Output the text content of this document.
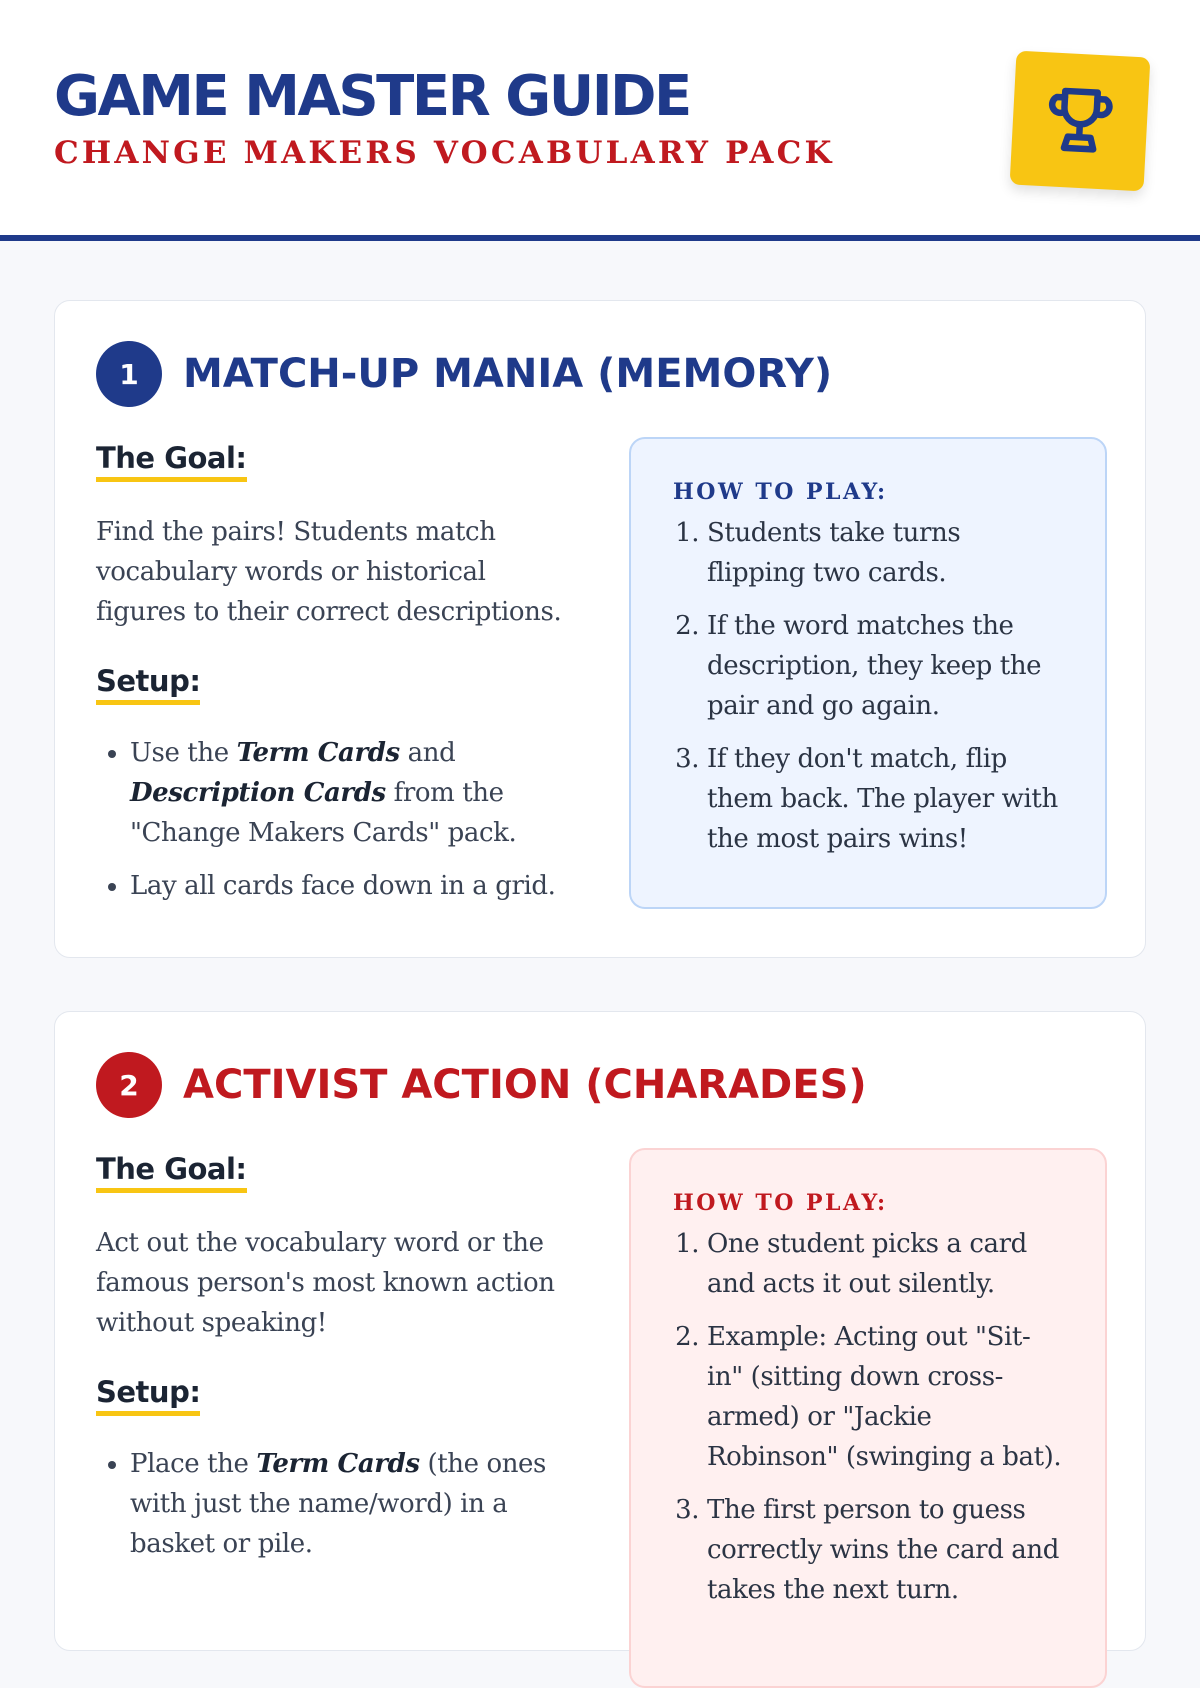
GAME MASTER GUIDE
CHANGE MAKERS VOCABULARY PACK
1	MATCH-UP MANIA (MEMORY)
The Goal:

Find the pairs! Students match vocabulary words or historical figures to their correct descriptions.

Setup:
• Use the Term Cards and Description Cards from the "Change Makers Cards" pack.
• Lay all cards face down in a grid.
HOW TO PLAY:
1. Students take turns flipping two cards.
2. If the word matches the description, they keep the pair and go again.
3. If they don't match, flip them back. The player with the most pairs wins!
2	ACTIVIST ACTION (CHARADES)
The Goal:

Act out the vocabulary word or the famous person's most known action without speaking!

Setup:
• Place the Term Cards (the ones with just the name/word) in a basket or pile.
HOW TO PLAY:
1. One student picks a card and acts it out silently.
2. Example: Acting out "Sit-in" (sitting down cross-armed) or "Jackie Robinson" (swinging a bat).
3. The first person to guess correctly wins the card and takes the next turn.
